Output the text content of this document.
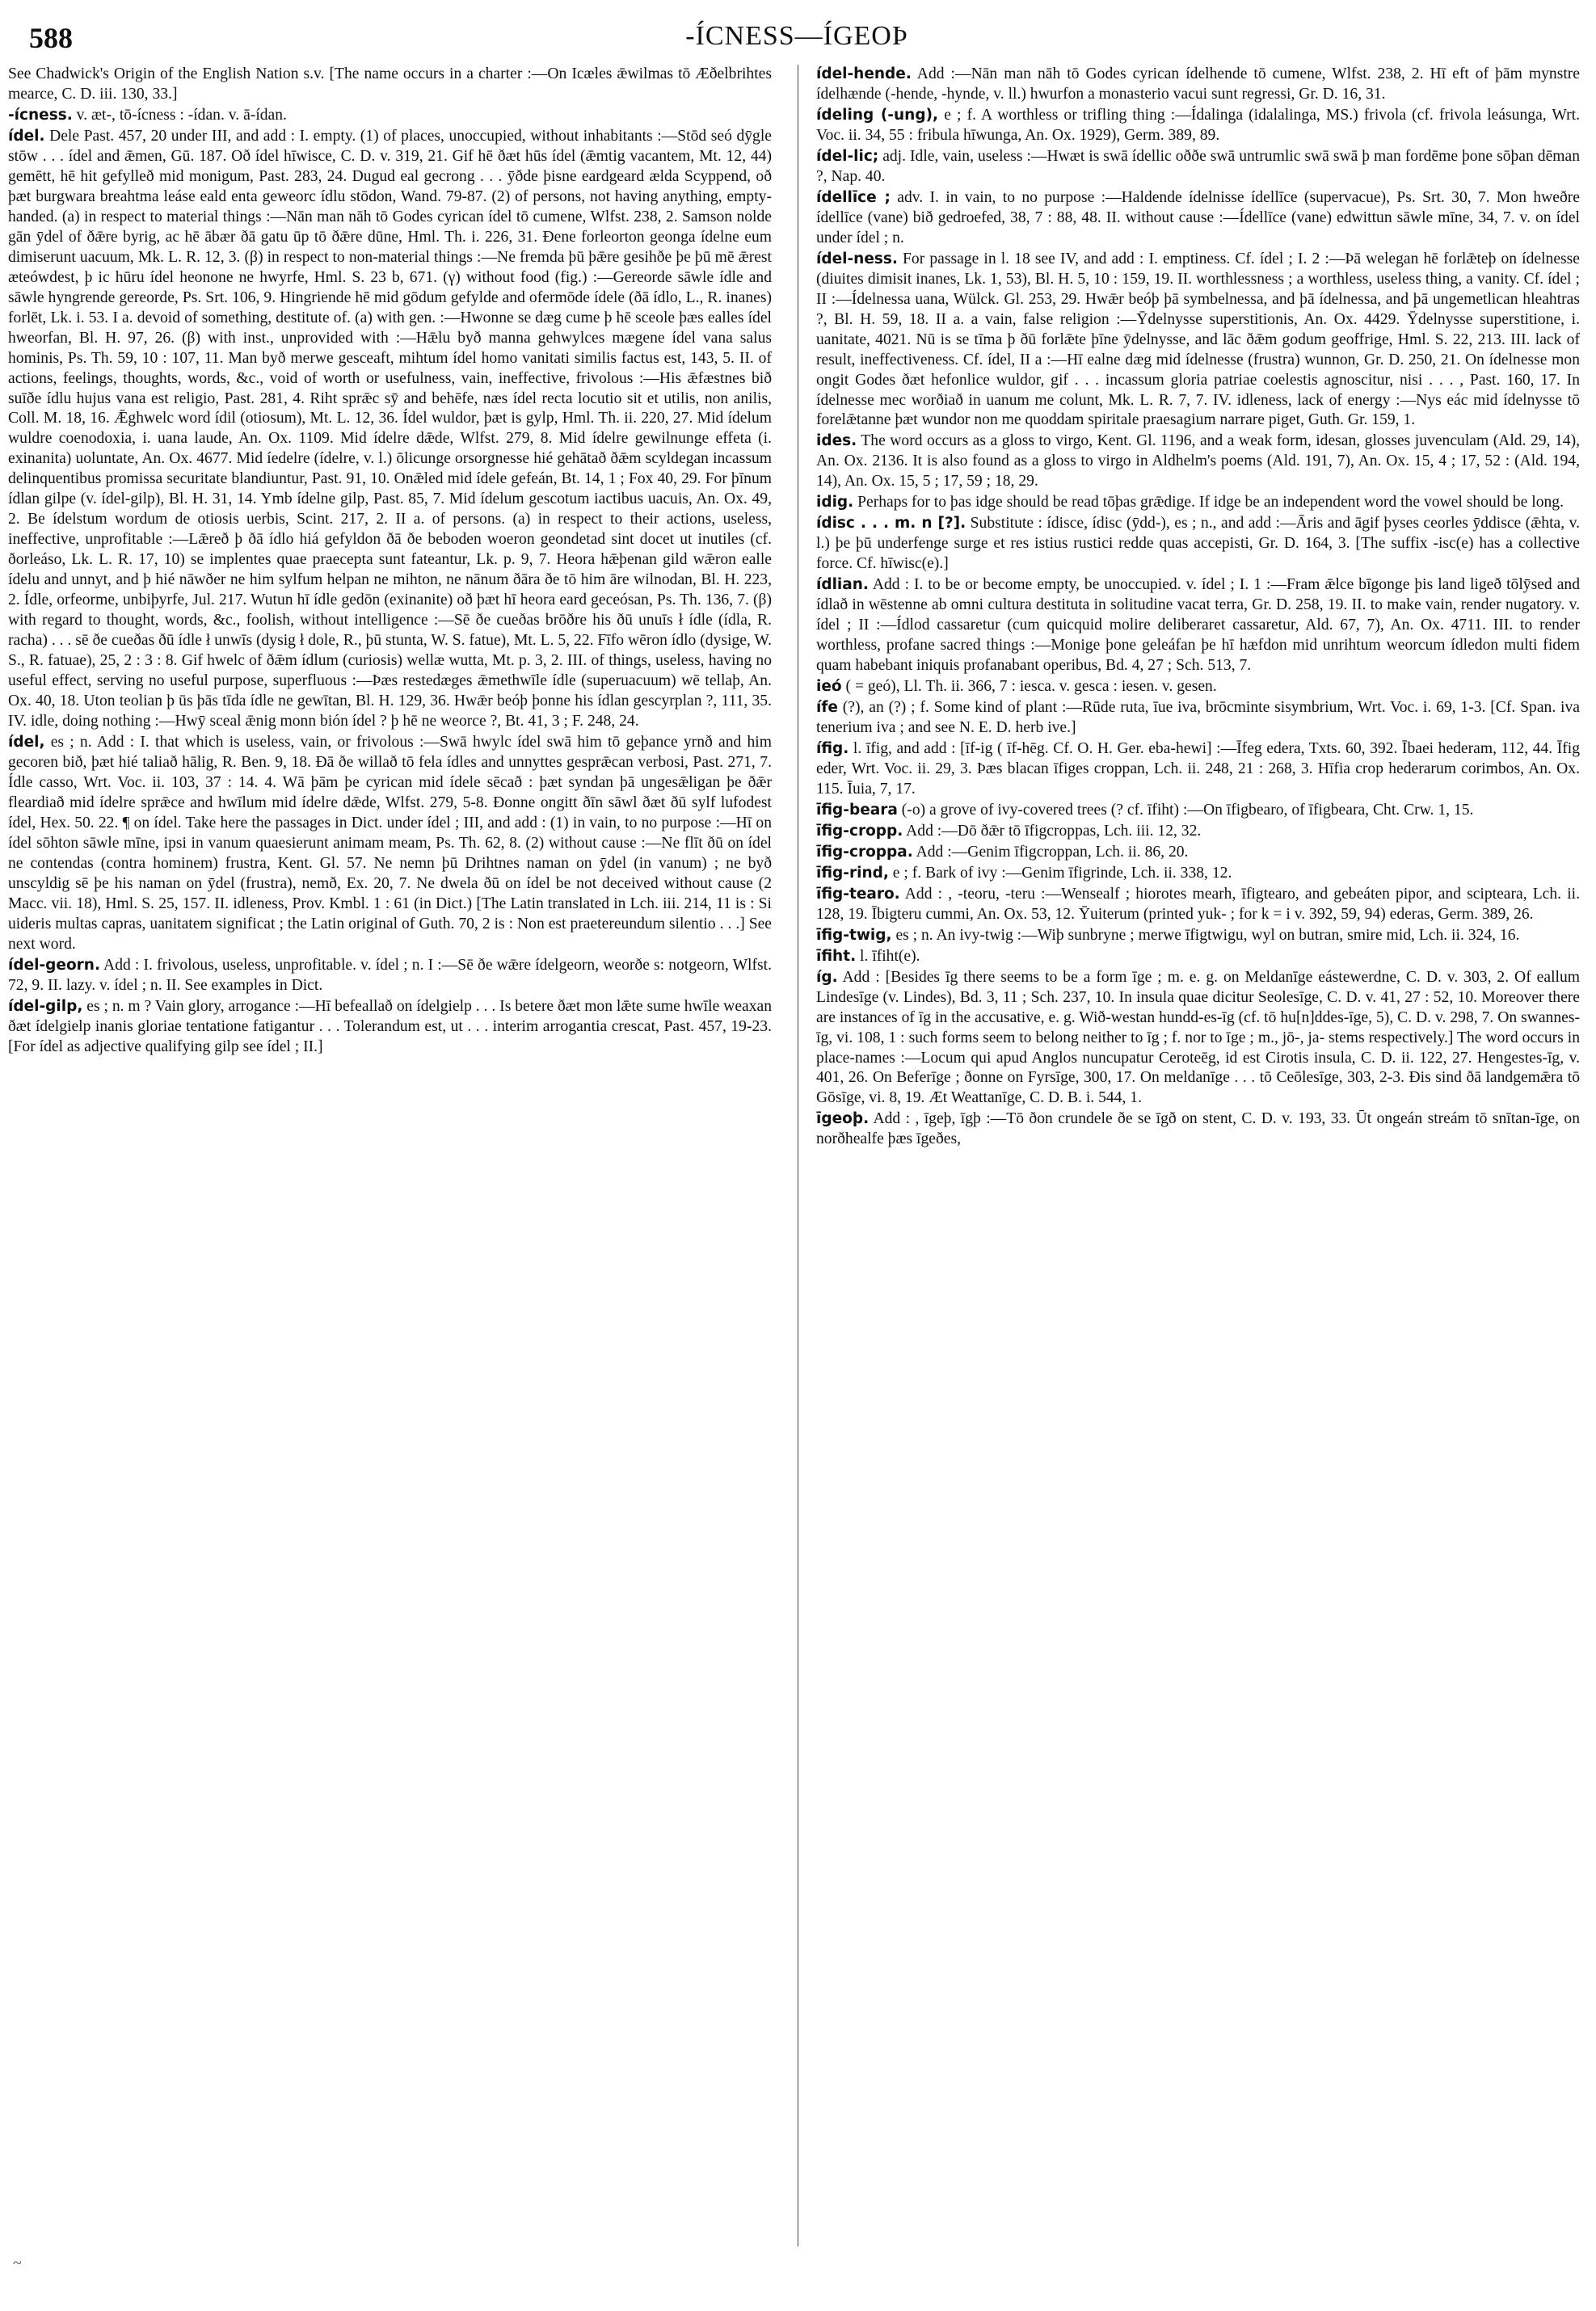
588	-ÍCNESS—ÍGEOÞ

See Chadwick's Origin of the English Nation s.v. [The name occurs in a charter :—On Icæles ǣwilmas tō Æðelbrihtes mearce, C. D. iii. 130, 33.]

-ícness. v. æt-, tō-ícness : -ídan. v. ā-ídan.

ídel. Dele Past. 457, 20 under III, and add : I. empty. (1) of places, unoccupied, without inhabitants :—Stōd seó dȳgle stōw . . . ídel and ǣmen, Gū. 187. Oð ídel hīwisce, C. D. v. 319, 21. Gif hē ðæt hūs ídel (ǣmtig vacantem, Mt. 12, 44) gemētt, hē hit gefylleð mid monigum, Past. 283, 24. Dugud eal gecrong . . . ȳðde þisne eardgeard ælda Scyppend, oð þæt burgwara breahtma leáse eald enta geweorc ídlu stōdon, Wand. 79-87. (2) of persons, not having anything, empty-handed. (a) in respect to material things :—Nān man nāh tō Godes cyrican ídel tō cumene, Wlfst. 238, 2. Samson nolde gān ȳdel of ðǣre byrig, ac hē ābær ðā gatu ūp tō ðǣre dūne, Hml. Th. i. 226, 31. Ðene forleorton geonga ídelne eum dimiserunt uacuum, Mk. L. R. 12, 3. (β) in respect to non-material things :—Ne fremda þū þǣre gesihðe þe þū mē ǣrest æteówdest, þ ic hūru ídel heonone ne hwyrfe, Hml. S. 23 b, 671. (γ) without food (fig.) :—Gereorde sāwle ídle and sāwle hyngrende gereorde, Ps. Srt. 106, 9. Hingriende hē mid gōdum gefylde and ofermōde ídele (ðā ídlo, L., R. inanes) forlēt, Lk. i. 53. I a. devoid of something, destitute of. (a) with gen. :—Hwonne se dæg cume þ hē sceole þæs ealles ídel hweorfan, Bl. H. 97, 26. (β) with inst., unprovided with :—Hǣlu byð manna gehwylces mægene ídel vana salus hominis, Ps. Th. 59, 10 : 107, 11. Man byð merwe gesceaft, mihtum ídel homo vanitati similis factus est, 143, 5. II. of actions, feelings, thoughts, words, &c., void of worth or usefulness, vain, ineffective, frivolous :—His ǣfæstnes bið suīðe ídlu hujus vana est religio, Past. 281, 4. Riht sprǣc sȳ and behēfe, næs ídel recta locutio sit et utilis, non anilis, Coll. M. 18, 16. Ǣghwelc word ídil (otiosum), Mt. L. 12, 36. Ídel wuldor, þæt is gylp, Hml. Th. ii. 220, 27. Mid ídelum wuldre coenodoxia, i. uana laude, An. Ox. 1109. Mid ídelre dǣde, Wlfst. 279, 8. Mid ídelre gewilnunge effeta (i. exinanita) uoluntate, An. Ox. 4677. Mid íedelre (ídelre, v. l.) ōlicunge orsorgnesse hié gehātað ðǣm scyldegan incassum delinquentibus promissa securitate blandiuntur, Past. 91, 10. Onǣled mid ídele gefeán, Bt. 14, 1 ; Fox 40, 29. For þīnum ídlan gilpe (v. ídel-gilp), Bl. H. 31, 14. Ymb ídelne gilp, Past. 85, 7. Mid ídelum gescotum iactibus uacuis, An. Ox. 49, 2. Be ídelstum wordum de otiosis uerbis, Scint. 217, 2. II a. of persons. (a) in respect to their actions, useless, ineffective, unprofitable :—Lǣreð þ ðā ídlo hiá gefyldon ðā ðe beboden woeron geondetad sint docet ut inutiles (cf. ðorleáso, Lk. L. R. 17, 10) se implentes quae praecepta sunt fateantur, Lk. p. 9, 7. Heora hǣþenan gild wǣron ealle ídelu and unnyt, and þ hié nāwðer ne him sylfum helpan ne mihton, ne nānum ðāra ðe tō him āre wilnodan, Bl. H. 223, 2. Ídle, orfeorme, unbiþyrfe, Jul. 217. Wutun hī ídle gedōn (exinanite) oð þæt hī heora eard geceósan, Ps. Th. 136, 7. (β) with regard to thought, words, &c., foolish, without intelligence :—Sē ðe cueðas brōðre his ðū unuīs ł ídle (ídla, R. racha) . . . sē ðe cueðas ðū ídle ł unwīs (dysig ł dole, R., þū stunta, W. S. fatue), Mt. L. 5, 22. Fīfo wēron ídlo (dysige, W. S., R. fatuae), 25, 2 : 3 : 8. Gif hwelc of ðǣm ídlum (curiosis) wellæ wutta, Mt. p. 3, 2. III. of things, useless, having no useful effect, serving no useful purpose, superfluous :—Þæs restedæges ǣmethwīle ídle (superuacuum) wē tellaþ, An. Ox. 40, 18. Uton teolian þ ūs þās tīda ídle ne gewītan, Bl. H. 129, 36. Hwǣr beóþ þonne his ídlan gescyrplan ?, 111, 35. IV. idle, doing nothing :—Hwȳ sceal ǣnig monn bión ídel ? þ hē ne weorce ?, Bt. 41, 3 ; F. 248, 24.

ídel, es ; n. Add : I. that which is useless, vain, or frivolous :—Swā hwylc ídel swā him tō geþance yrnð and him gecoren bið, þæt hié taliað hālig, R. Ben. 9, 18. Ðā ðe willað tō fela ídles and unnyttes gesprǣcan verbosi, Past. 271, 7. Ídle casso, Wrt. Voc. ii. 103, 37 : 14. 4. Wā þām þe cyrican mid ídele sēcað : þæt syndan þā ungesǣligan þe ðǣr fleardiað mid ídelre sprǣce and hwīlum mid ídelre dǣde, Wlfst. 279, 5-8. Ðonne ongitt ðīn sāwl ðæt ðū sylf lufodest ídel, Hex. 50. 22. ¶ on ídel. Take here the passages in Dict. under ídel ; III, and add : (1) in vain, to no purpose :—Hī on ídel sōhton sāwle mīne, ipsi in vanum quaesierunt animam meam, Ps. Th. 62, 8. (2) without cause :—Ne flīt ðū on ídel ne contendas (contra hominem) frustra, Kent. Gl. 57. Ne nemn þū Drihtnes naman on ȳdel (in vanum) ; ne byð unscyldig sē þe his naman on ȳdel (frustra), nemð, Ex. 20, 7. Ne dwela ðū on ídel be not deceived without cause (2 Macc. vii. 18), Hml. S. 25, 157. II. idleness, Prov. Kmbl. 1 : 61 (in Dict.) [The Latin translated in Lch. iii. 214, 11 is : Si uideris multas capras, uanitatem significat ; the Latin original of Guth. 70, 2 is : Non est praetereundum silentio . . .] See next word.

ídel-georn. Add : I. frivolous, useless, unprofitable. v. ídel ; n. I :—Sē ðe wǣre ídelgeorn, weorðe s: notgeorn, Wlfst. 72, 9. II. lazy. v. ídel ; n. II. See examples in Dict.

ídel-gilp, es ; n. m ? Vain glory, arrogance :—Hī befeallað on ídelgielp . . . Is betere ðæt mon lǣte sume hwīle weaxan ðæt ídelgielp inanis gloriae tentatione fatigantur . . . Tolerandum est, ut . . . interim arrogantia crescat, Past. 457, 19-23. [For ídel as adjective qualifying gilp see ídel ; II.]

ídel-hende. Add :—Nān man nāh tō Godes cyrican ídelhende tō cumene, Wlfst. 238, 2. Hī eft of þām mynstre ídelhænde (-hende, -hynde, v. ll.) hwurfon a monasterio vacui sunt regressi, Gr. D. 16, 31.

ídeling (-ung), e ; f. A worthless or trifling thing :—Ídalinga (idalalinga, MS.) frivola (cf. frivola leásunga, Wrt. Voc. ii. 34, 55 : fribula hīwunga, An. Ox. 1929), Germ. 389, 89.

ídel-lic; adj. Idle, vain, useless :—Hwæt is swā ídellic oððe swā untrumlic swā swā þ man fordēme þone sōþan dēman ?, Nap. 40.

ídellīce ; adv. I. in vain, to no purpose :—Haldende ídelnisse ídellīce (supervacue), Ps. Srt. 30, 7. Mon hweðre ídellīce (vane) bið gedroefed, 38, 7 : 88, 48. II. without cause :—Ídellīce (vane) edwittun sāwle mīne, 34, 7. v. on ídel under ídel ; n.

ídel-ness. For passage in l. 18 see IV, and add : I. emptiness. Cf. ídel ; I. 2 :—Þā welegan hē forlǣteþ on ídelnesse (diuites dimisit inanes, Lk. 1, 53), Bl. H. 5, 10 : 159, 19. II. worthlessness ; a worthless, useless thing, a vanity. Cf. ídel ; II :—Ídelnessa uana, Wülck. Gl. 253, 29. Hwǣr beóþ þā symbelnessa, and þā ídelnessa, and þā ungemetlican hleahtras ?, Bl. H. 59, 18. II a. a vain, false religion :—Ȳdelnysse superstitionis, An. Ox. 4429. Ȳdelnysse superstitione, i. uanitate, 4021. Nū is se tīma þ ðū forlǣte þīne ȳdelnysse, and lāc ðǣm godum geoffrige, Hml. S. 22, 213. III. lack of result, ineffectiveness. Cf. ídel, II a :—Hī ealne dæg mid ídelnesse (frustra) wunnon, Gr. D. 250, 21. On ídelnesse mon ongit Godes ðæt hefonlice wuldor, gif . . . incassum gloria patriae coelestis agnoscitur, nisi . . . , Past. 160, 17. In ídelnesse mec worðiað in uanum me colunt, Mk. L. R. 7, 7. IV. idleness, lack of energy :—Nys eác mid ídelnysse tō forelǣtanne þæt wundor non me quoddam spiritale praesagium narrare piget, Guth. Gr. 159, 1.

ides. The word occurs as a gloss to virgo, Kent. Gl. 1196, and a weak form, idesan, glosses juvenculam (Ald. 29, 14), An. Ox. 2136. It is also found as a gloss to virgo in Aldhelm's poems (Ald. 191, 7), An. Ox. 15, 4 ; 17, 52 : (Ald. 194, 14), An. Ox. 15, 5 ; 17, 59 ; 18, 29.

idig. Perhaps for to þas idge should be read tōþas grǣdige. If idge be an independent word the vowel should be long.

ídisc . . . m. n [?]. Substitute : ídisce, ídisc (ȳdd-), es ; n., and add :—Āris and āgif þyses ceorles ȳddisce (ǣhta, v. l.) þe þū underfenge surge et res istius rustici redde quas accepisti, Gr. D. 164, 3. [The suffix -isc(e) has a collective force. Cf. hīwisc(e).]

ídlian. Add : I. to be or become empty, be unoccupied. v. ídel ; I. 1 :—Fram ǣlce bīgonge þis land ligeð tōlȳsed and ídlað in wēstenne ab omni cultura destituta in solitudine vacat terra, Gr. D. 258, 19. II. to make vain, render nugatory. v. ídel ; II :—Ídlod cassaretur (cum quicquid molire deliberaret cassaretur, Ald. 67, 7), An. Ox. 4711. III. to render worthless, profane sacred things :—Monige þone geleáfan þe hī hæfdon mid unrihtum weorcum ídledon multi fidem quam habebant iniquis profanabant operibus, Bd. 4, 27 ; Sch. 513, 7.

ieó ( = geó), Ll. Th. ii. 366, 7 : iesca. v. gesca : iesen. v. gesen.

ífe (?), an (?) ; f. Some kind of plant :—Rūde ruta, īue iva, brōcminte sisymbrium, Wrt. Voc. i. 69, 1-3. [Cf. Span. iva tenerium iva ; and see N. E. D. herb ive.]

ífig. l. īfig, and add : [īf-ig ( īf-hēg. Cf. O. H. Ger. eba-hewi] :—Īfeg edera, Txts. 60, 392. Ībaei hederam, 112, 44. Īfig eder, Wrt. Voc. ii. 29, 3. Þæs blacan īfiges croppan, Lch. ii. 248, 21 : 268, 3. Hīfia crop hederarum corimbos, An. Ox. 115. Īuia, 7, 17.

īfig-beara (-o) a grove of ivy-covered trees (? cf. īfiht) :—On īfigbearo, of īfigbeara, Cht. Crw. 1, 15.

īfig-cropp. Add :—Dō ðǣr tō īfigcroppas, Lch. iii. 12, 32.

īfig-croppa. Add :—Genim īfigcroppan, Lch. ii. 86, 20.

īfig-rind, e ; f. Bark of ivy :—Genim īfigrinde, Lch. ii. 338, 12.

īfig-tearo. Add : , -teoru, -teru :—Wensealf ; hiorotes mearh, īfigtearo, and gebeáten pipor, and scipteara, Lch. ii. 128, 19. Ībigteru cummi, An. Ox. 53, 12. Ȳuiterum (printed yuk- ; for k = i v. 392, 59, 94) ederas, Germ. 389, 26.

īfig-twig, es ; n. An ivy-twig :—Wiþ sunbryne ; merwe īfigtwigu, wyl on butran, smire mid, Lch. ii. 324, 16.

īfiht. l. īfiht(e).

íg. Add : [Besides īg there seems to be a form īge ; m. e. g. on Meldanīge eástewerdne, C. D. v. 303, 2. Of eallum Lindesīge (v. Lindes), Bd. 3, 11 ; Sch. 237, 10. In insula quae dicitur Seolesīge, C. D. v. 41, 27 : 52, 10. Moreover there are instances of īg in the accusative, e. g. Wið-westan hundd-es-īg (cf. tō hu[n]ddes-īge, 5), C. D. v. 298, 7. On swannes-īg, vi. 108, 1 : such forms seem to belong neither to īg ; f. nor to īge ; m., jō-, ja- stems respectively.] The word occurs in place-names :—Locum qui apud Anglos nuncupatur Ceroteēg, id est Cirotis insula, C. D. ii. 122, 27. Hengestes-īg, v. 401, 26. On Beferīge ; ðonne on Fyrsīge, 300, 17. On meldanīge . . . tō Ceōlesīge, 303, 2-3. Ðis sind ðā landgemǣra tō Gōsīge, vi. 8, 19. Æt Weattanīge, C. D. B. i. 544, 1.

īgeoþ. Add : , īgeþ, īgþ :—Tō ðon crundele ðe se īgð on stent, C. D. v. 193, 33. Ūt ongeán streám tō snītan-īge, on norðhealfe þæs īgeðes,

~
